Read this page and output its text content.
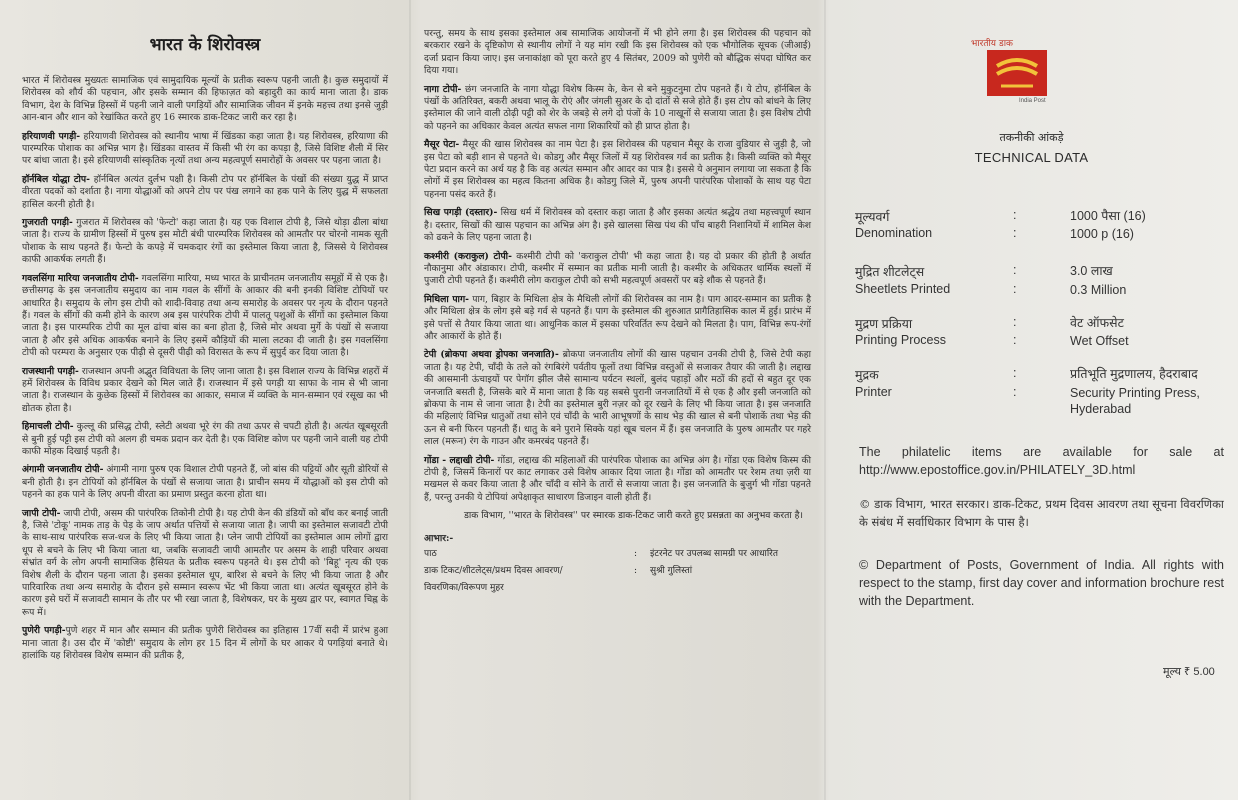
भारत के शिरोवस्त्र
भारत में शिरोवस्त्र मुख्यतः सामाजिक एवं सामुदायिक मूल्यों के प्रतीक स्वरूप पहनी जाती है। कुछ समुदायों में शिरोवस्त्र को शौर्य की पहचान, और इसके सम्मान की हिफाज़त को बहादुरी का कार्य माना जाता है। डाक विभाग, देश के विभिन्न हिस्सों में पहनी जाने वाली पगड़ियों और सामाजिक जीवन में इनके महत्त्व तथा इनसे जुड़ी आन-बान और शान को रेखांकित करते हुए 16 स्मारक डाक-टिकट जारी कर रहा है।
हरियाणवी पगड़ी- हरियाणवी शिरोवस्त्र को स्थानीय भाषा में खिंडका कहा जाता है। यह शिरोवस्त्र, हरियाणा की पारम्परिक पोशाक का अभिन्न भाग है। खिंडका वास्तव में किसी भी रंग का कपड़ा है, जिसे विशिष्ट शैली में सिर पर बांधा जाता है। इसे हरियाणवी सांस्कृतिक नृत्यों तथा अन्य महत्वपूर्ण समारोहों के अवसर पर पहना जाता है।
हॉर्नबिल योद्धा टोप- हॉर्नबिल अत्यंत दुर्लभ पक्षी है। किसी टोप पर हॉर्नबिल के पंखों की संख्या युद्ध में प्राप्त वीरता पदकों को दर्शाता है। नागा योद्धाओं को अपने टोप पर पंख लगाने का हक पाने के लिए युद्ध में सफलता हासिल करनी होती है।
गुजराती पगड़ी- गुजरात में शिरोवस्त्र को 'फेन्टो' कहा जाता है। यह एक विशाल टोपी है, जिसे थोड़ा ढीला बांधा जाता है। राज्य के ग्रामीण हिस्सों में पुरुष इस मोटी बंधी पारम्परिक शिरोवस्त्र को आमतौर पर चोरनो नामक सूती पोशाक के साथ पहनते हैं। फेन्टो के कपड़े में चमकदार रंगों का इस्तेमाल किया जाता है, जिससे ये शिरोवस्त्र काफी आकर्षक लगती हैं।
गवलसिंगा मारिया जनजातीय टोपी- गवलसिंगा मारिया, मध्य भारत के प्राचीनतम जनजातीय समूहों में से एक है। छत्तीसगढ़ के इस जनजातीय समुदाय का नाम गवल के सींगों के आकार की बनी इनकी विशिष्ट टोपियों पर आधारित है। समुदाय के लोग इस टोपी को शादी-विवाह तथा अन्य समारोह के अवसर पर नृत्य के दौरान पहनते हैं। गवल के सींगों की कमी होने के कारण अब इस पारंपरिक टोपी में पालतू पशुओं के सींगों का इस्तेमाल किया जाता है। इस पारम्परिक टोपी का मूल ढांचा बांस का बना होता है, जिसे मोर अथवा मुर्गे के पंखों से सजाया जाता है और इसे अधिक आकर्षक बनाने के लिए इसमें कौड़ियों की माला लटका दी जाती है। इस गवलसिंगा टोपी को परम्परा के अनुसार एक पीढ़ी से दूसरी पीढ़ी को विरासत के रूप में सुपुर्द कर दिया जाता है।
राजस्थानी पगड़ी- राजस्थान अपनी अद्भुत विविधता के लिए जाना जाता है। इस विशाल राज्य के विभिन्न शहरों में हमें शिरोवस्त्र के विविध प्रकार देखने को मिल जाते हैं। राजस्थान में इसे पगड़ी या साफा के नाम से भी जाना जाता है। राजस्थान के कुछेक हिस्सों में शिरोवस्त्र का आकार, समाज में व्यक्ति के मान-सम्मान एवं रसूख का भी द्योतक होता है।
हिमाचली टोपी- कुल्लू की प्रसिद्ध टोपी, स्लेटी अथवा भूरे रंग की तथा ऊपर से चपटी होती है। अत्यंत खूबसूरती से बुनी हुई पट्टी इस टोपी को अलग ही चमक प्रदान कर देती है। एक विशिष्ट कोण पर पहनी जाने वाली यह टोपी काफी मोहक दिखाई पड़ती है।
अंगामी जनजातीय टोपी- अंगामी नागा पुरुष एक विशाल टोपी पहनते हैं, जो बांस की पट्टियों और सूती डोरियों से बनी होती है। इन टोपियों को हॉर्नबिल के पंखों से सजाया जाता है। प्राचीन समय में योद्धाओं को इस टोपी को पहनने का हक पाने के लिए अपनी वीरता का प्रमाण प्रस्तुत करना होता था।
जापी टोपी- जापी टोपी, असम की पारंपरिक तिकोनी टोपी है। यह टोपी केन की डंडियों को बाँध कर बनाई जाती है, जिसे 'टोकू' नामक ताड़ के पेड़ के जाप अर्थात पत्तियों से सजाया जाता है। जापी का इस्तेमाल सजावटी टोपी के साथ-साथ पारंपरिक सज-धज के लिए भी किया जाता है। प्लेन जापी टोपियों का इस्तेमाल आम लोगों द्वारा धूप से बचने के लिए भी किया जाता था, जबकि सजावटी जापी आमतौर पर असम के शाही परिवार अथवा संभ्रांत वर्ग के लोग अपनी सामाजिक हैसियत के प्रतीक स्वरूप पहनते थे। इस टोपी को 'बिहू' नृत्य की एक विशेष शैली के दौरान पहना जाता है। इसका इस्तेमाल धूप, बारिश से बचने के लिए भी किया जाता है और पारिवारिक तथा अन्य समारोह के दौरान इसे सम्मान स्वरूप भेंट भी किया जाता था। अत्यंत खूबसूरत होने के कारण इसे घरों में सजावटी सामान के तौर पर भी रखा जाता है, विशेषकर, घर के मुख्य द्वार पर, स्वागत चिह्न के रूप में।
पुणेरी पगड़ी-पुणे शहर में मान और सम्मान की प्रतीक पुणेरी शिरोवस्त्र का इतिहास 17वीं सदी में प्रारंभ हुआ माना जाता है। उस दौर में 'कोष्टी' समुदाय के लोग हर 15 दिन में लोगों के घर आकर ये पगड़ियां बनाते थे। हालांकि यह शिरोवस्त्र विशेष सम्मान की प्रतीक है,
परन्तु, समय के साथ इसका इस्तेमाल अब सामाजिक आयोजनों में भी होने लगा है। इस शिरोवस्त्र की पहचान को बरकरार रखने के दृष्टिकोण से स्थानीय लोगों ने यह मांग रखी कि इस शिरोवस्त्र को एक भौगोलिक सूचक (जीआई) दर्जा प्रदान किया जाए। इस जनाकांक्षा को पूरा करते हुए 4 सितंबर, 2009 को पुणेरी को बौद्धिक संपदा घोषित कर दिया गया।
नागा टोपी- छंग जनजाति के नागा योद्धा विशेष किस्म के, केन से बने मुकुटनुमा टोप पहनते हैं। ये टोप, हॉर्नबिल के पंखों के अतिरिक्त, बकरी अथवा भालू के रोएं और जंगली सुअर के दो दांतों से सजे होते हैं। इस टोप को बांधने के लिए इस्तेमाल की जाने वाली ठोढ़ी पट्टी को शेर के जबड़े से लगे दो पंजों के 10 नाखूनों से सजाया जाता है। इस विशेष टोपी को पहनने का अधिकार केवल अत्यंत सफल नागा शिकारियों को ही प्राप्त होता है।
मैसूर पेटा- मैसूर की खास शिरोवस्त्र का नाम पेटा है। इस शिरोवस्त्र की पहचान मैसूर के राजा वुडियार से जुड़ी है, जो इस पेटा को बड़ी शान से पहनते थे। कोडगु और मैसूर जिलों में यह शिरोवस्त्र गर्व का प्रतीक है। किसी व्यक्ति को मैसूर पेटा प्रदान करने का अर्थ यह है कि वह अत्यंत सम्मान और आदर का पात्र है। इससे ये अनुमान लगाया जा सकता है कि लोगों में इस शिरोवस्त्र का महत्व कितना अधिक है। कोडगु जिले में, पुरुष अपनी पारंपरिक पोशाकों के साथ यह पेटा पहनना पसंद करते हैं।
सिख पगड़ी (दस्तार)- सिख धर्म में शिरोवस्त्र को दस्तार कहा जाता है और इसका अत्यंत श्रद्धेय तथा महत्त्वपूर्ण स्थान है। दस्तार, सिखों की खास पहचान का अभिन्न अंग है। इसे खालसा सिख पंथ की पाँच बाहरी निशानियों में शामिल केश को ढकने के लिए पहना जाता है।
कश्मीरी (कराकुल) टोपी- कश्मीरी टोपी को 'कराकुल टोपी' भी कहा जाता है। यह दो प्रकार की होती है अर्थात नौकानुमा और अंडाकार। टोपी, कश्मीर में सम्मान का प्रतीक मानी जाती है। कश्मीर के अधिकतर धार्मिक स्थलों में पुजारी टोपी पहनते हैं। कश्मीरी लोग कराकुल टोपी को सभी महत्वपूर्ण अवसरों पर बड़े शौक से पहनते हैं।
मिथिला पाग- पाग, बिहार के मिथिला क्षेत्र के मैथिली लोगों की शिरोवस्त्र का नाम है। पाग आदर-सम्मान का प्रतीक है और मिथिला क्षेत्र के लोग इसे बड़े गर्व से पहनते हैं। पाग के इस्तेमाल की शुरुआत प्रागैतिहासिक काल में हुई। प्रारंभ में इसे पत्तों से तैयार किया जाता था। आधुनिक काल में इसका परिवर्तित रूप देखने को मिलता है। पाग, विभिन्न रूप-रंगों और आकारों के होते हैं।
टेपी (ब्रोकपा अथवा ड्रोपका जनजाति)- ब्रोकपा जनजातीय लोगों की खास पहचान उनकी टोपी है, जिसे टेपी कहा जाता है। यह टेपी, चाँदी के तले को रंगबिरंगे पर्वतीय फूलों तथा विभिन्न वस्तुओं से सजाकर तैयार की जाती है। लद्दाख की आसमानी ऊंचाइयों पर पेगॉग झील जैसे सामान्य पर्यटन स्थलों, बुलंद पहाड़ों और मठों की हदों से बहुत दूर एक जनजाति बसती है, जिसके बारे में माना जाता है कि यह सबसे पुरानी जनजातियों में से एक है और इसी जनजाति को ब्रोकपा के नाम से जाना जाता है। टेपी का इस्तेमाल बुरी नज़र को दूर रखने के लिए भी किया जाता है। इस जनजाति की महिलाएं विभिन्न धातुओं तथा सोने एवं चाँदी के भारी आभूषणों के साथ भेड़ की खाल से बनी पोशाकें तथा भेड़ की ऊन से बनी फिरन पहनती हैं। धातु के बने पुराने सिक्के यहां खूब चलन में हैं। इस जनजाति के पुरुष आमतौर पर गहरे लाल (मरून) रंग के गाउन और कमरबंद पहनते हैं।
गोंडा - लद्दाखी टोपी- गोंडा, लद्दाख की महिलाओं की पारंपरिक पोशाक का अभिन्न अंग है। गोंडा एक विशेष किस्म की टोपी है, जिसमें किनारों पर काट लगाकर उसे विशेष आकार दिया जाता है। गोंडा को आमतौर पर रेशम तथा ज़री या मखमल से कवर किया जाता है और चाँदी व सोने के तारों से सजाया जाता है। इस जनजाति के बुजुर्ग भी गोंडा पहनते हैं, परन्तु उनकी ये टोपियां अपेक्षाकृत साधारण डिजाइन वाली होती हैं।
डाक विभाग, ''भारत के शिरोवस्त्र'' पर स्मारक डाक-टिकट जारी करते हुए प्रसन्नता का अनुभव करता है।
आभार:-
पाठ	:	इंटरनेट पर उपलब्ध सामग्री पर आधारित
डाक टिकट/शीटलेट्स/प्रथम दिवस आवरण/	:	सुश्री गुलिस्तां
विवरणिका/विरूपण मुहर
भारतीय डाक
India Post
तकनीकी आंकड़े
TECHNICAL DATA
मूल्यवर्ग	:	1000 पैसा (16)
Denomination	:	1000 p (16)
मुद्रित शीटलेट्स	:	3.0 लाख
Sheetlets Printed	:	0.3 Million
मुद्रण प्रक्रिया	:	वेट ऑफसेट
Printing Process	:	Wet Offset
मुद्रक	:	प्रतिभूति मुद्रणालय, हैदराबाद
Printer	:	Security Printing Press, Hyderabad
The philatelic items are available for sale at http://www.epostoffice.gov.in/PHILATELY_3D.html
© डाक विभाग, भारत सरकार। डाक-टिकट, प्रथम दिवस आवरण तथा सूचना विवरणिका के संबंध में सर्वाधिकार विभाग के पास है।
© Department of Posts, Government of India. All rights with respect to the stamp, first day cover and information brochure rest with the Department.
मूल्य ₹ 5.00
